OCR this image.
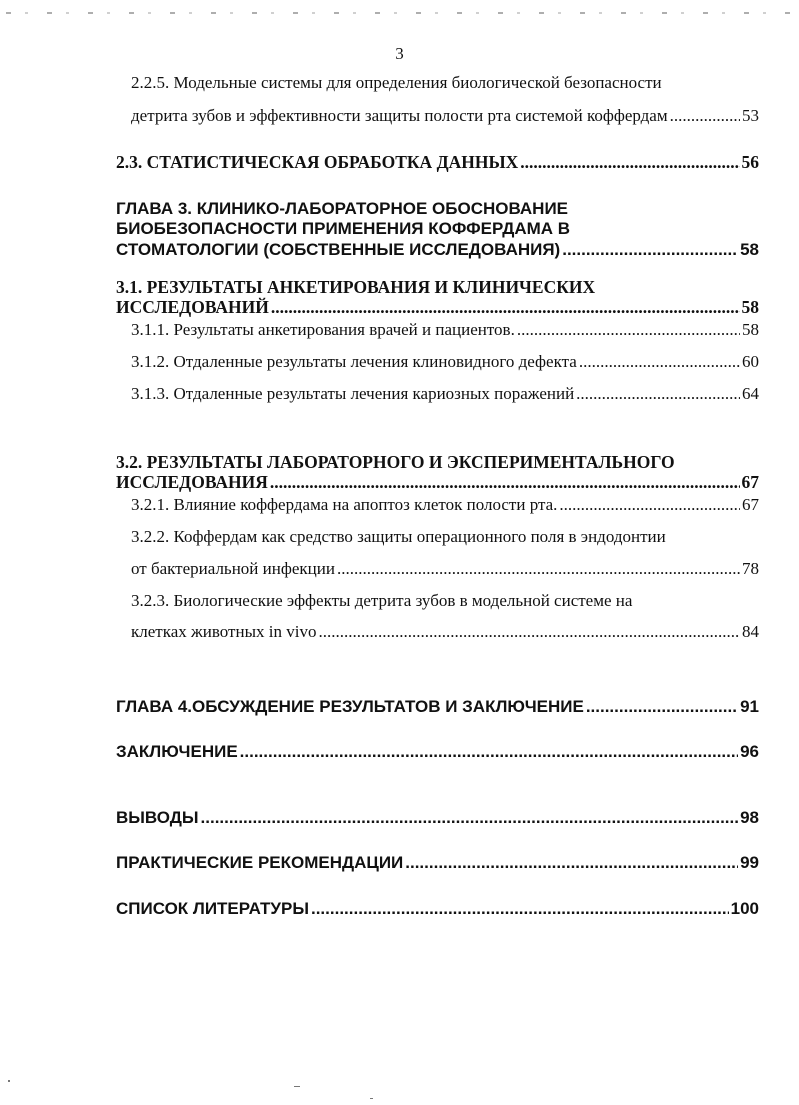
3
2.2.5. Модельные системы для определения биологической безопасности
детрита зубов и эффективности защиты полости рта системой коффердам .....	53
2.3. СТАТИСТИЧЕСКАЯ ОБРАБОТКА ДАННЫХ .....	56
ГЛАВА 3. КЛИНИКО-ЛАБОРАТОРНОЕ ОБОСНОВАНИЕ
БИОБЕЗОПАСНОСТИ ПРИМЕНЕНИЯ КОФФЕРДАМА В
СТОМАТОЛОГИИ (СОБСТВЕННЫЕ ИССЛЕДОВАНИЯ) .....	58
3.1. РЕЗУЛЬТАТЫ АНКЕТИРОВАНИЯ И КЛИНИЧЕСКИХ
ИССЛЕДОВАНИЙ .....	58
3.1.1. Результаты анкетирования врачей и пациентов. .....	58
3.1.2. Отдаленные результаты лечения клиновидного дефекта .....	60
3.1.3. Отдаленные результаты лечения кариозных поражений .....	64
3.2. РЕЗУЛЬТАТЫ ЛАБОРАТОРНОГО И ЭКСПЕРИМЕНТАЛЬНОГО
ИССЛЕДОВАНИЯ .....	67
3.2.1. Влияние коффердама на апоптоз клеток полости рта. .....	67
3.2.2. Коффердам как средство защиты операционного поля в эндодонтии
от бактериальной инфекции .....	78
3.2.3. Биологические эффекты детрита зубов в модельной системе на
клетках животных in vivo .....	84
ГЛАВА 4.ОБСУЖДЕНИЕ РЕЗУЛЬТАТОВ И ЗАКЛЮЧЕНИЕ .....	91
ЗАКЛЮЧЕНИЕ .....	96
ВЫВОДЫ .....	98
ПРАКТИЧЕСКИЕ РЕКОМЕНДАЦИИ .....	99
СПИСОК ЛИТЕРАТУРЫ .....	100
